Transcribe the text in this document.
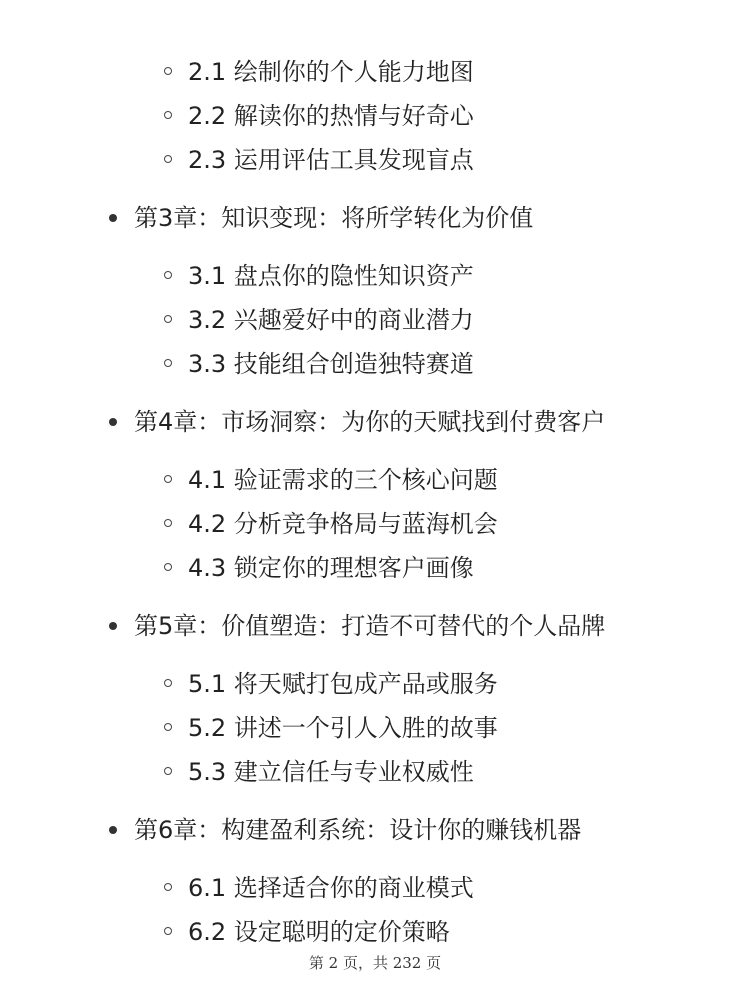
2.1 绘制你的个人能力地图
2.2 解读你的热情与好奇心
2.3 运用评估工具发现盲点
第3章：知识变现：将所学转化为价值
3.1 盘点你的隐性知识资产
3.2 兴趣爱好中的商业潜力
3.3 技能组合创造独特赛道
第4章：市场洞察：为你的天赋找到付费客户
4.1 验证需求的三个核心问题
4.2 分析竞争格局与蓝海机会
4.3 锁定你的理想客户画像
第5章：价值塑造：打造不可替代的个人品牌
5.1 将天赋打包成产品或服务
5.2 讲述一个引人入胜的故事
5.3 建立信任与专业权威性
第6章：构建盈利系统：设计你的赚钱机器
6.1 选择适合你的商业模式
6.2 设定聪明的定价策略
第 2 页，共 232 页
